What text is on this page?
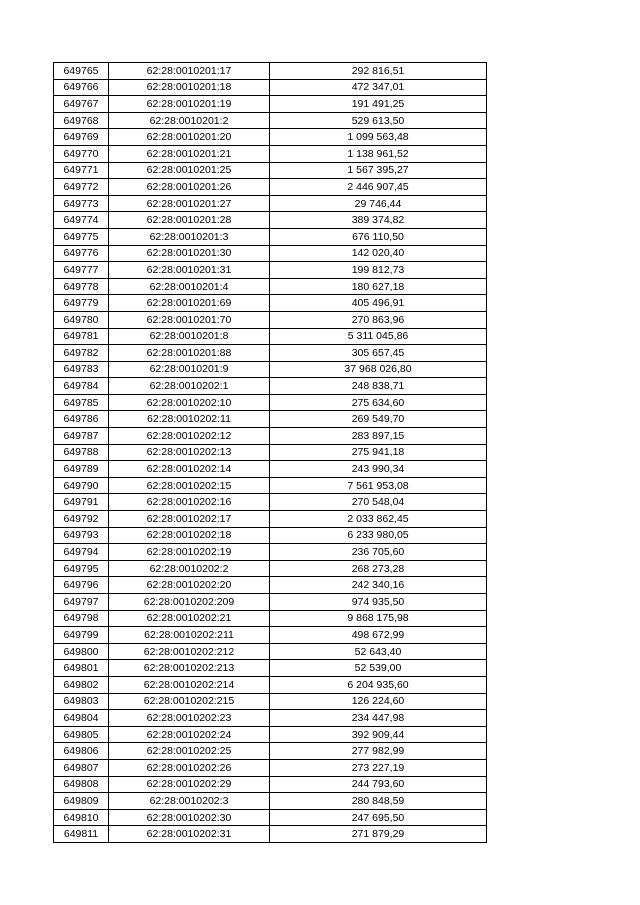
649765	62:28:0010201:17	292 816,51
649766	62:28:0010201:18	472 347,01
649767	62:28:0010201:19	191 491,25
649768	62:28:0010201:2	529 613,50
649769	62:28:0010201:20	1 099 563,48
649770	62:28:0010201:21	1 138 961,52
649771	62:28:0010201:25	1 567 395,27
649772	62:28:0010201:26	2 446 907,45
649773	62:28:0010201:27	29 746,44
649774	62:28:0010201:28	389 374,82
649775	62:28:0010201:3	676 110,50
649776	62:28:0010201:30	142 020,40
649777	62:28:0010201:31	199 812,73
649778	62:28:0010201:4	180 627,18
649779	62:28:0010201:69	405 496,91
649780	62:28:0010201:70	270 863,96
649781	62:28:0010201:8	5 311 045,86
649782	62:28:0010201:88	305 657,45
649783	62:28:0010201:9	37 968 026,80
649784	62:28:0010202:1	248 838,71
649785	62:28:0010202:10	275 634,60
649786	62:28:0010202:11	269 549,70
649787	62:28:0010202:12	283 897,15
649788	62:28:0010202:13	275 941,18
649789	62:28:0010202:14	243 990,34
649790	62:28:0010202:15	7 561 953,08
649791	62:28:0010202:16	270 548,04
649792	62:28:0010202:17	2 033 862,45
649793	62:28:0010202:18	6 233 980,05
649794	62:28:0010202:19	236 705,60
649795	62:28:0010202:2	268 273,28
649796	62:28:0010202:20	242 340,16
649797	62:28:0010202:209	974 935,50
649798	62:28:0010202:21	9 868 175,98
649799	62:28:0010202:211	498 672,99
649800	62:28:0010202:212	52 643,40
649801	62:28:0010202:213	52 539,00
649802	62:28:0010202:214	6 204 935,60
649803	62:28:0010202:215	126 224,60
649804	62:28:0010202:23	234 447,98
649805	62:28:0010202:24	392 909,44
649806	62:28:0010202:25	277 982,99
649807	62:28:0010202:26	273 227,19
649808	62:28:0010202:29	244 793,60
649809	62:28:0010202:3	280 848,59
649810	62:28:0010202:30	247 695,50
649811	62:28:0010202:31	271 879,29
